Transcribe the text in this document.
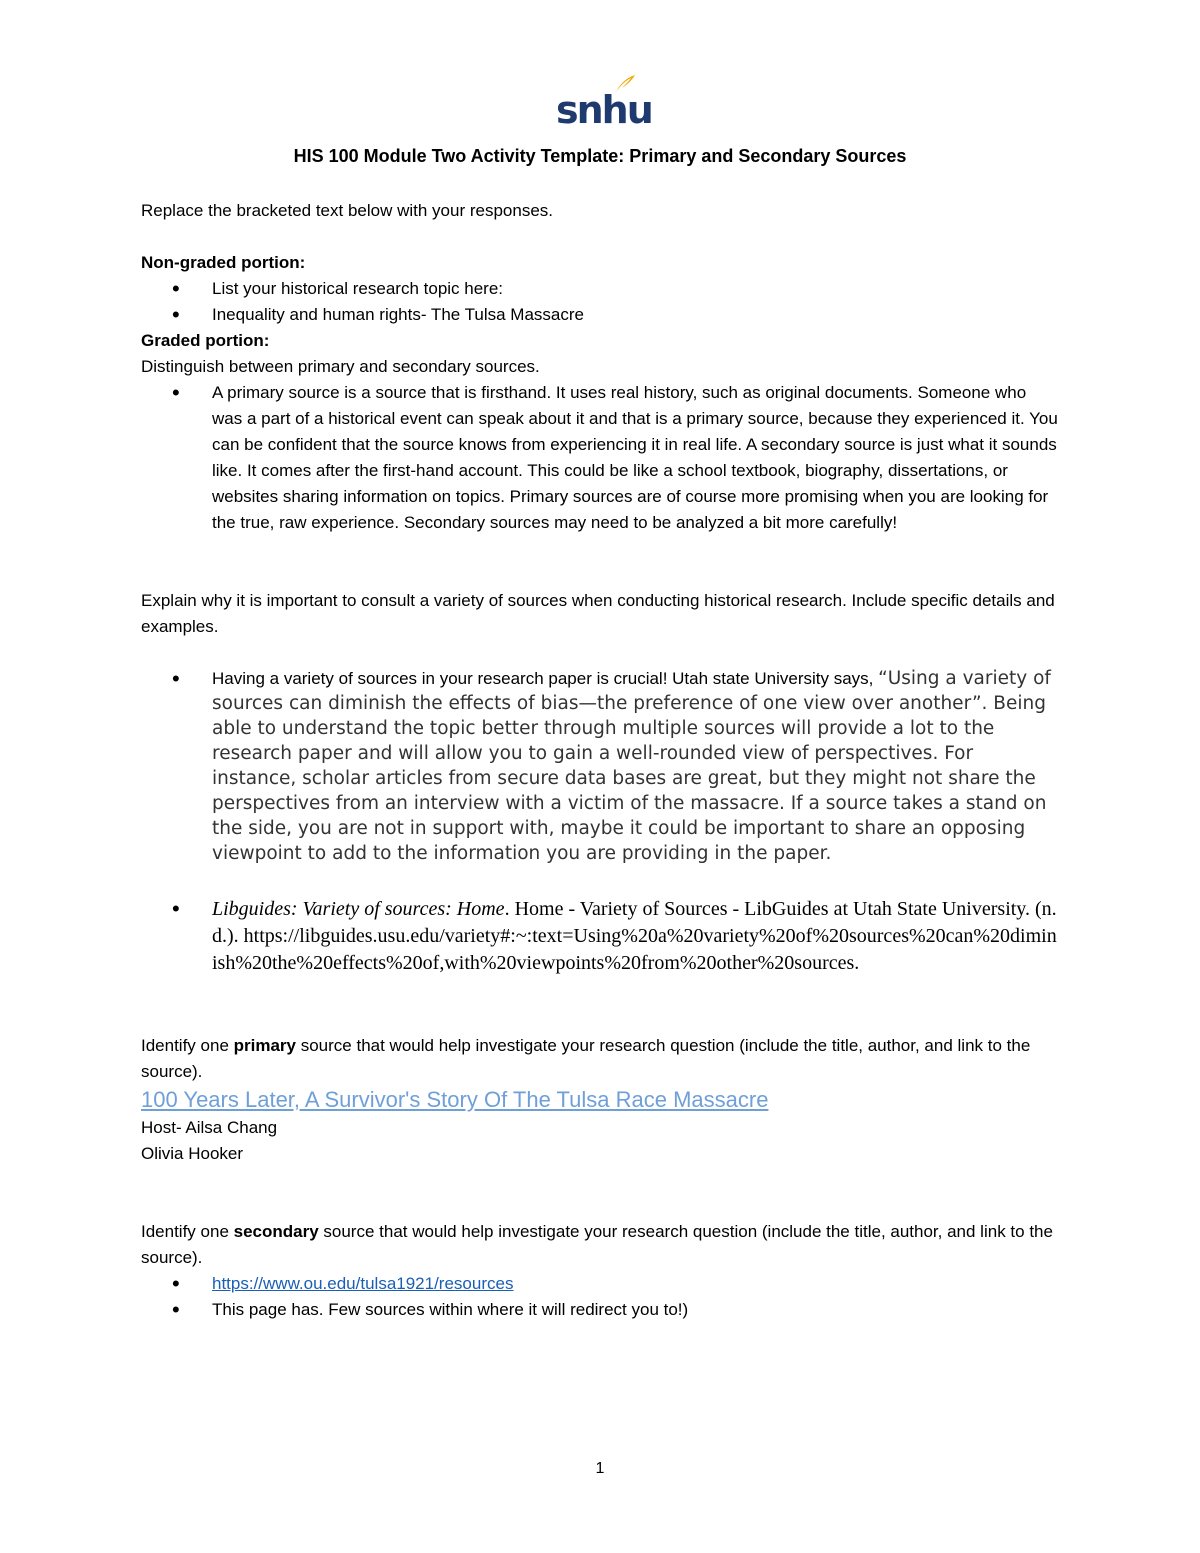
snhu
HIS 100 Module Two Activity Template: Primary and Secondary Sources

Replace the bracketed text below with your responses.

Non-graded portion:

• List your historical research topic here:
• Inequality and human rights- The Tulsa Massacre

Graded portion:

Distinguish between primary and secondary sources.

• A primary source is a source that is firsthand. It uses real history, such as original documents. Someone who was a part of a historical event can speak about it and that is a primary source, because they experienced it. You can be confident that the source knows from experiencing it in real life. A secondary source is just what it sounds like. It comes after the first-hand account. This could be like a school textbook, biography, dissertations, or websites sharing information on topics. Primary sources are of course more promising when you are looking for the true, raw experience. Secondary sources may need to be analyzed a bit more carefully!

Explain why it is important to consult a variety of sources when conducting historical research. Include specific details and examples.

• Having a variety of sources in your research paper is crucial! Utah state University says, “Using a variety of sources can diminish the effects of bias—the preference of one view over another”. Being able to understand the topic better through multiple sources will provide a lot to the research paper and will allow you to gain a well-rounded view of perspectives. For instance, scholar articles from secure data bases are great, but they might not share the perspectives from an interview with a victim of the massacre. If a source takes a stand on the side, you are not in support with, maybe it could be important to share an opposing viewpoint to add to the information you are providing in the paper.
• Libguides: Variety of sources: Home. Home - Variety of Sources - LibGuides at Utah State University. (n.d.). https://libguides.usu.edu/variety#:~:text=Using%20a%20variety%20of%20sources%20can%20diminish%20the%20effects%20of,with%20viewpoints%20from%20other%20sources.

Identify one primary source that would help investigate your research question (include the title, author, and link to the source).

100 Years Later, A Survivor's Story Of The Tulsa Race Massacre

Host- Ailsa Chang

Olivia Hooker

Identify one secondary source that would help investigate your research question (include the title, author, and link to the source).

• https://www.ou.edu/tulsa1921/resources
• This page has. Few sources within where it will redirect you to!)
1
